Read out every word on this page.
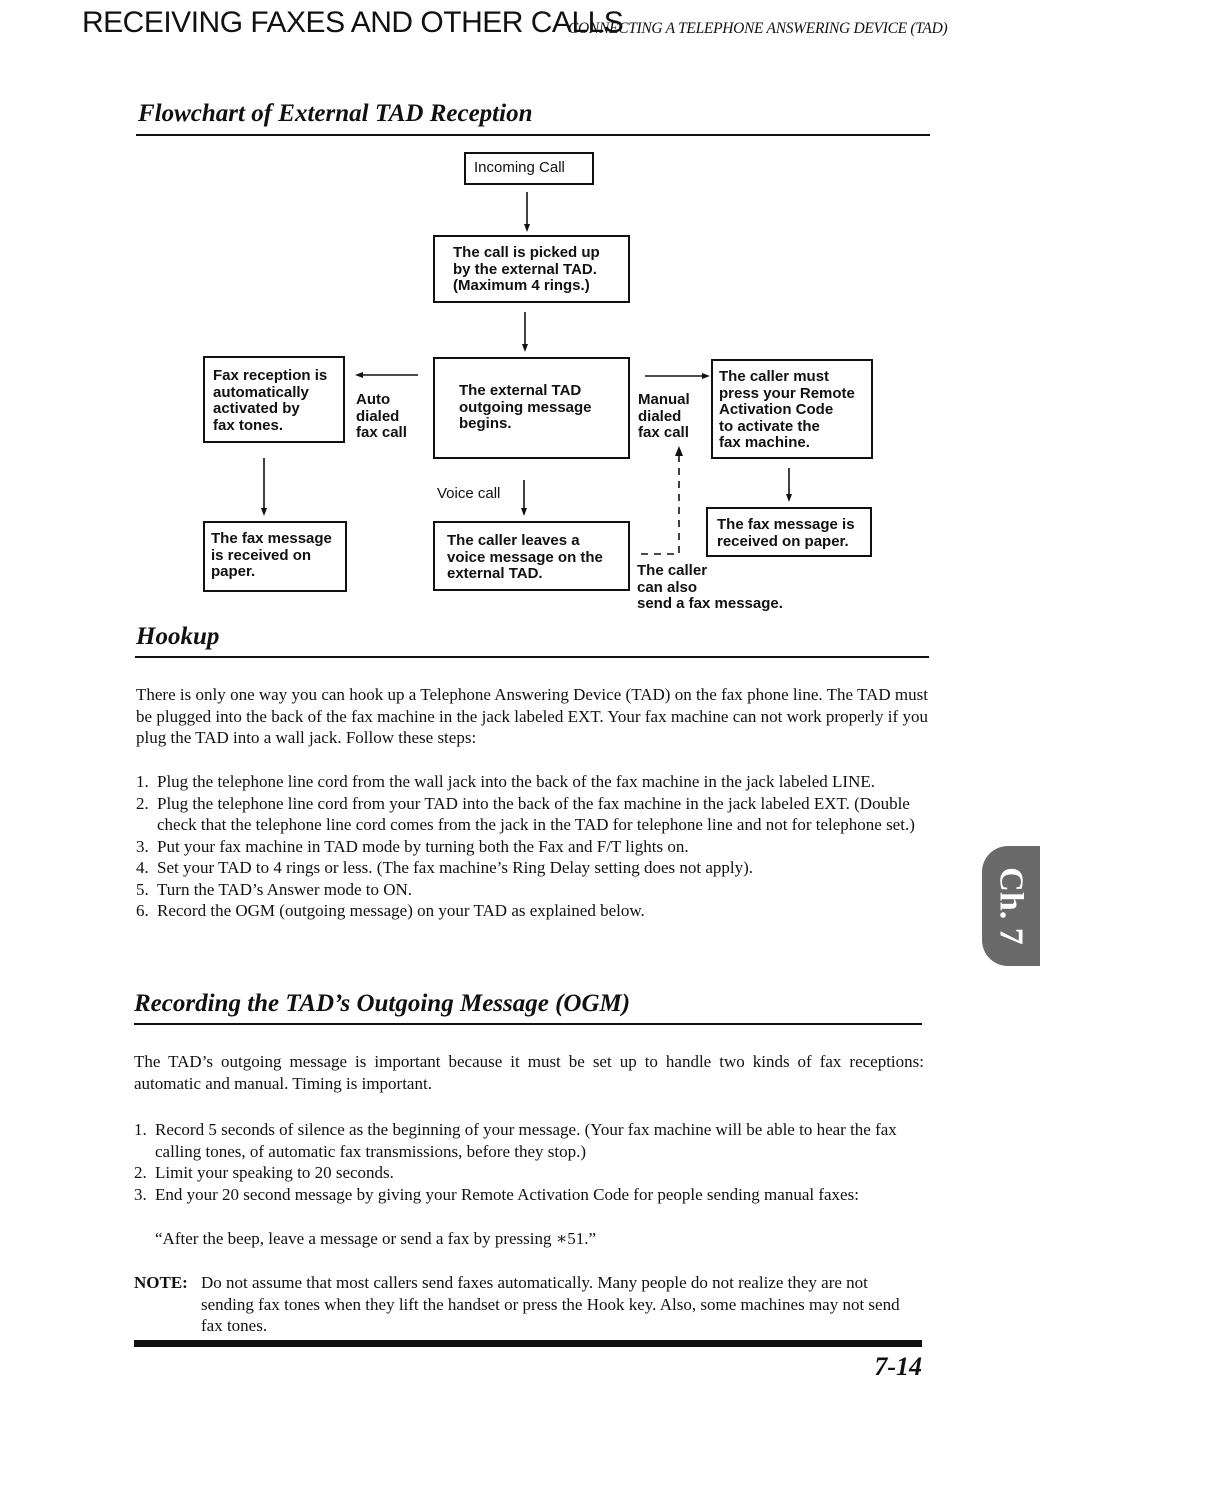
RECEIVING FAXES AND OTHER CALLS
CONNECTING A TELEPHONE ANSWERING DEVICE (TAD)
Flowchart of External TAD Reception
Incoming Call
The call is picked up
by the external TAD.
(Maximum 4 rings.)
The external TAD
outgoing message
begins.
Fax reception is
automatically
activated by
fax tones.
The caller must
press your Remote
Activation Code
to activate the
fax machine.
The fax message
is received on
paper.
The caller leaves a
voice message on the
external TAD.
The fax message is
received on paper.
Auto
dialed
fax call
Manual
dialed
fax call
Voice call
The caller
can also
send a fax message.
Hookup
There is only one way you can hook up a Telephone Answering Device (TAD) on the fax phone line. The TAD must be plugged into the back of the fax machine in the jack labeled EXT. Your fax machine can not work properly if you plug the TAD into a wall jack. Follow these steps:
1. Plug the telephone line cord from the wall jack into the back of the fax machine in the jack labeled LINE.
2. Plug the telephone line cord from your TAD into the back of the fax machine in the jack labeled EXT. (Double check that the telephone line cord comes from the jack in the TAD for telephone line and not for telephone set.)
3. Put your fax machine in TAD mode by turning both the Fax and F/T lights on.
4. Set your TAD to 4 rings or less. (The fax machine’s Ring Delay setting does not apply).
5. Turn the TAD’s Answer mode to ON.
6. Record the OGM (outgoing message) on your TAD as explained below.
Recording the TAD’s Outgoing Message (OGM)
The TAD’s outgoing message is important because it must be set up to handle two kinds of fax receptions: automatic and manual. Timing is important.
1. Record 5 seconds of silence as the beginning of your message. (Your fax machine will be able to hear the fax calling tones, of automatic fax transmissions, before they stop.)
2. Limit your speaking to 20 seconds.
3. End your 20 second message by giving your Remote Activation Code for people sending manual faxes:
“After the beep, leave a message or send a fax by pressing ∗51.”
NOTE: Do not assume that most callers send faxes automatically. Many people do not realize they are not sending fax tones when they lift the handset or press the Hook key. Also, some machines may not send fax tones.
7-14
Ch. 7
